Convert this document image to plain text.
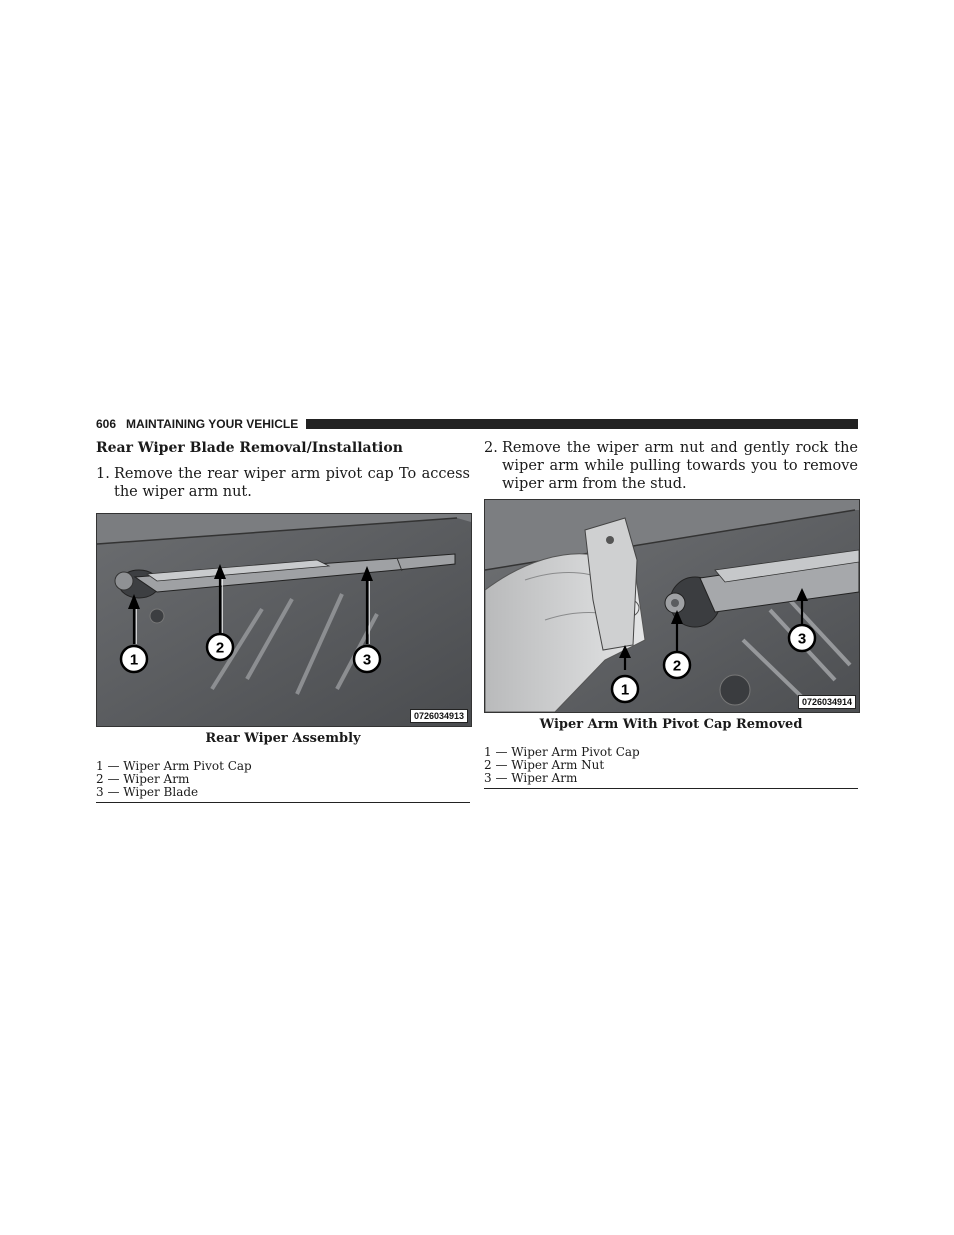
606 MAINTAINING YOUR VEHICLE
Rear Wiper Blade Removal/Installation
1. Remove the rear wiper arm pivot cap To access the wiper arm nut.
1
2
3
0726034913
Rear Wiper Assembly
1 — Wiper Arm Pivot Cap
2 — Wiper Arm
3 — Wiper Blade
2. Remove the wiper arm nut and gently rock the wiper arm while pulling towards you to remove wiper arm from the stud.
1
2
3
0726034914
Wiper Arm With Pivot Cap Removed
1 — Wiper Arm Pivot Cap
2 — Wiper Arm Nut
3 — Wiper Arm
